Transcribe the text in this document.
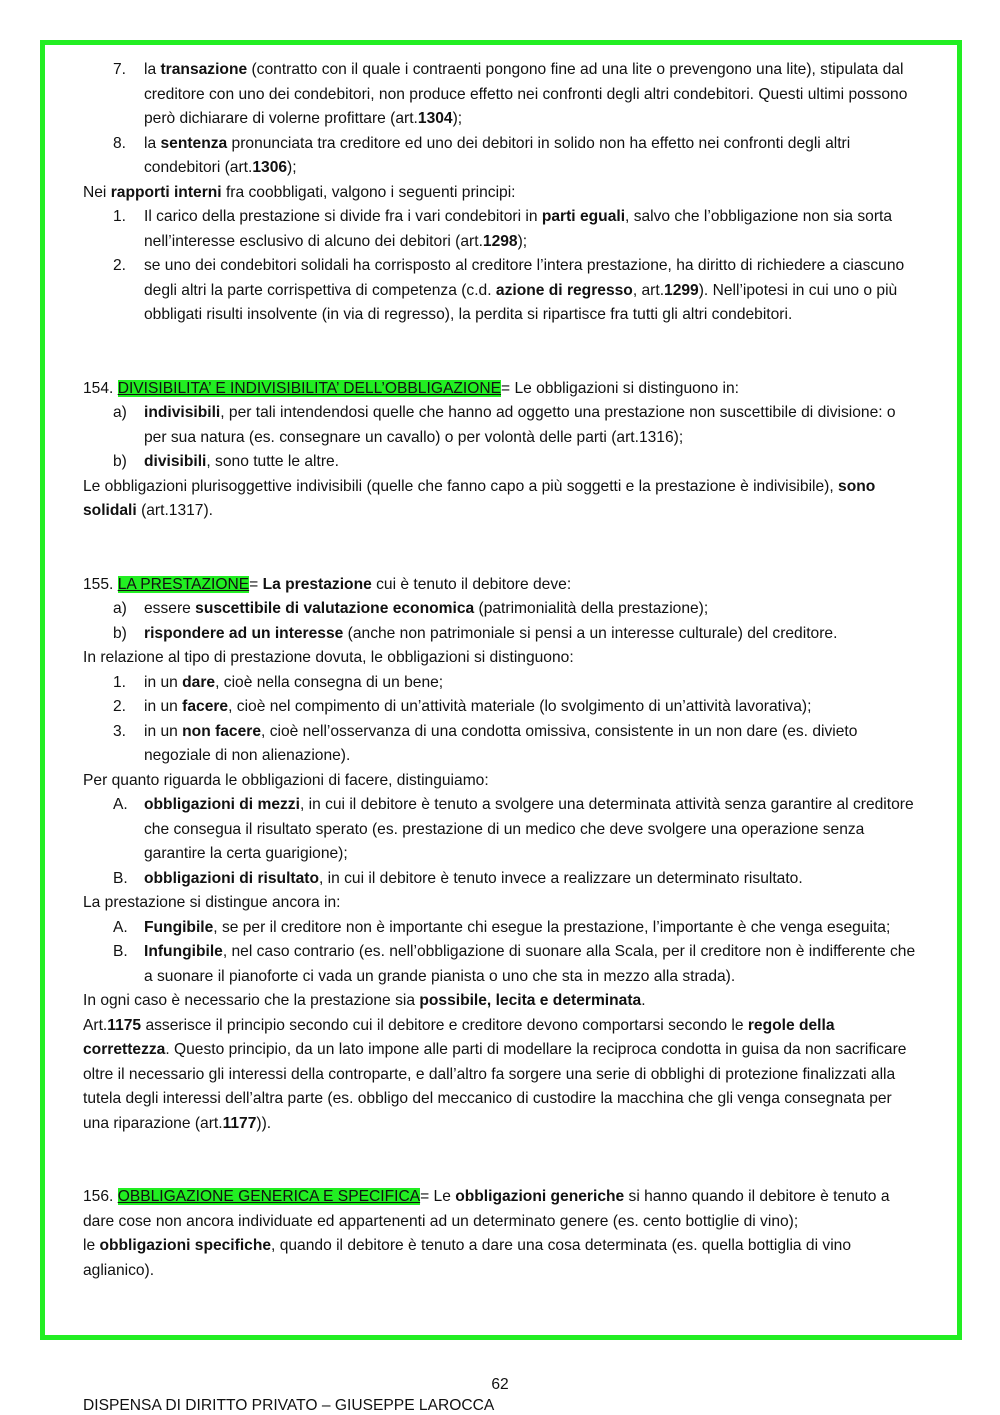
7. la transazione (contratto con il quale i contraenti pongono fine ad una lite o prevengono una lite), stipulata dal creditore con uno dei condebitori, non produce effetto nei confronti degli altri condebitori. Questi ultimi possono però dichiarare di volerne profittare (art.1304);
8. la sentenza pronunciata tra creditore ed uno dei debitori in solido non ha effetto nei confronti degli altri condebitori (art.1306);
Nei rapporti interni fra coobbligati, valgono i seguenti principi:
1. Il carico della prestazione si divide fra i vari condebitori in parti eguali, salvo che l’obbligazione non sia sorta nell’interesse esclusivo di alcuno dei debitori (art.1298);
2. se uno dei condebitori solidali ha corrisposto al creditore l’intera prestazione, ha diritto di richiedere a ciascuno degli altri la parte corrispettiva di competenza (c.d. azione di regresso, art.1299). Nell’ipotesi in cui uno o più obbligati risulti insolvente (in via di regresso), la perdita si ripartisce fra tutti gli altri condebitori.
154. DIVISIBILITA’ E INDIVISIBILITA’ DELL’OBBLIGAZIONE= Le obbligazioni si distinguono in:
a) indivisibili, per tali intendendosi quelle che hanno ad oggetto una prestazione non suscettibile di divisione: o per sua natura (es. consegnare un cavallo) o per volontà delle parti (art.1316);
b) divisibili, sono tutte le altre.
Le obbligazioni plurisoggettive indivisibili (quelle che fanno capo a più soggetti e la prestazione è indivisibile), sono solidali (art.1317).
155. LA PRESTAZIONE= La prestazione cui è tenuto il debitore deve:
a) essere suscettibile di valutazione economica (patrimonialità della prestazione);
b) rispondere ad un interesse (anche non patrimoniale si pensi a un interesse culturale) del creditore.
In relazione al tipo di prestazione dovuta, le obbligazioni si distinguono:
1. in un dare, cioè nella consegna di un bene;
2. in un facere, cioè nel compimento di un’attività materiale (lo svolgimento di un’attività lavorativa);
3. in un non facere, cioè nell’osservanza di una condotta omissiva, consistente in un non dare (es. divieto negoziale di non alienazione).
Per quanto riguarda le obbligazioni di facere, distinguiamo:
A. obbligazioni di mezzi, in cui il debitore è tenuto a svolgere una determinata attività senza garantire al creditore che consegua il risultato sperato (es. prestazione di un medico che deve svolgere una operazione senza garantire la certa guarigione);
B. obbligazioni di risultato, in cui il debitore è tenuto invece a realizzare un determinato risultato.
La prestazione si distingue ancora in:
A. Fungibile, se per il creditore non è importante chi esegue la prestazione, l’importante è che venga eseguita;
B. Infungibile, nel caso contrario (es. nell’obbligazione di suonare alla Scala, per il creditore non è indifferente che a suonare il pianoforte ci vada un grande pianista o uno che sta in mezzo alla strada).
In ogni caso è necessario che la prestazione sia possibile, lecita e determinata.
Art.1175 asserisce il principio secondo cui il debitore e creditore devono comportarsi secondo le regole della correttezza. Questo principio, da un lato impone alle parti di modellare la reciproca condotta in guisa da non sacrificare oltre il necessario gli interessi della controparte, e dall’altro fa sorgere una serie di obblighi di protezione finalizzati alla tutela degli interessi dell’altra parte (es. obbligo del meccanico di custodire la macchina che gli venga consegnata per una riparazione (art.1177)).
156. OBBLIGAZIONE GENERICA E SPECIFICA= Le obbligazioni generiche si hanno quando il debitore è tenuto a dare cose non ancora individuate ed appartenenti ad un determinato genere (es. cento bottiglie di vino);
le obbligazioni specifiche, quando il debitore è tenuto a dare una cosa determinata (es. quella bottiglia di vino aglianico).
62
DISPENSA DI DIRITTO PRIVATO – GIUSEPPE LAROCCA
